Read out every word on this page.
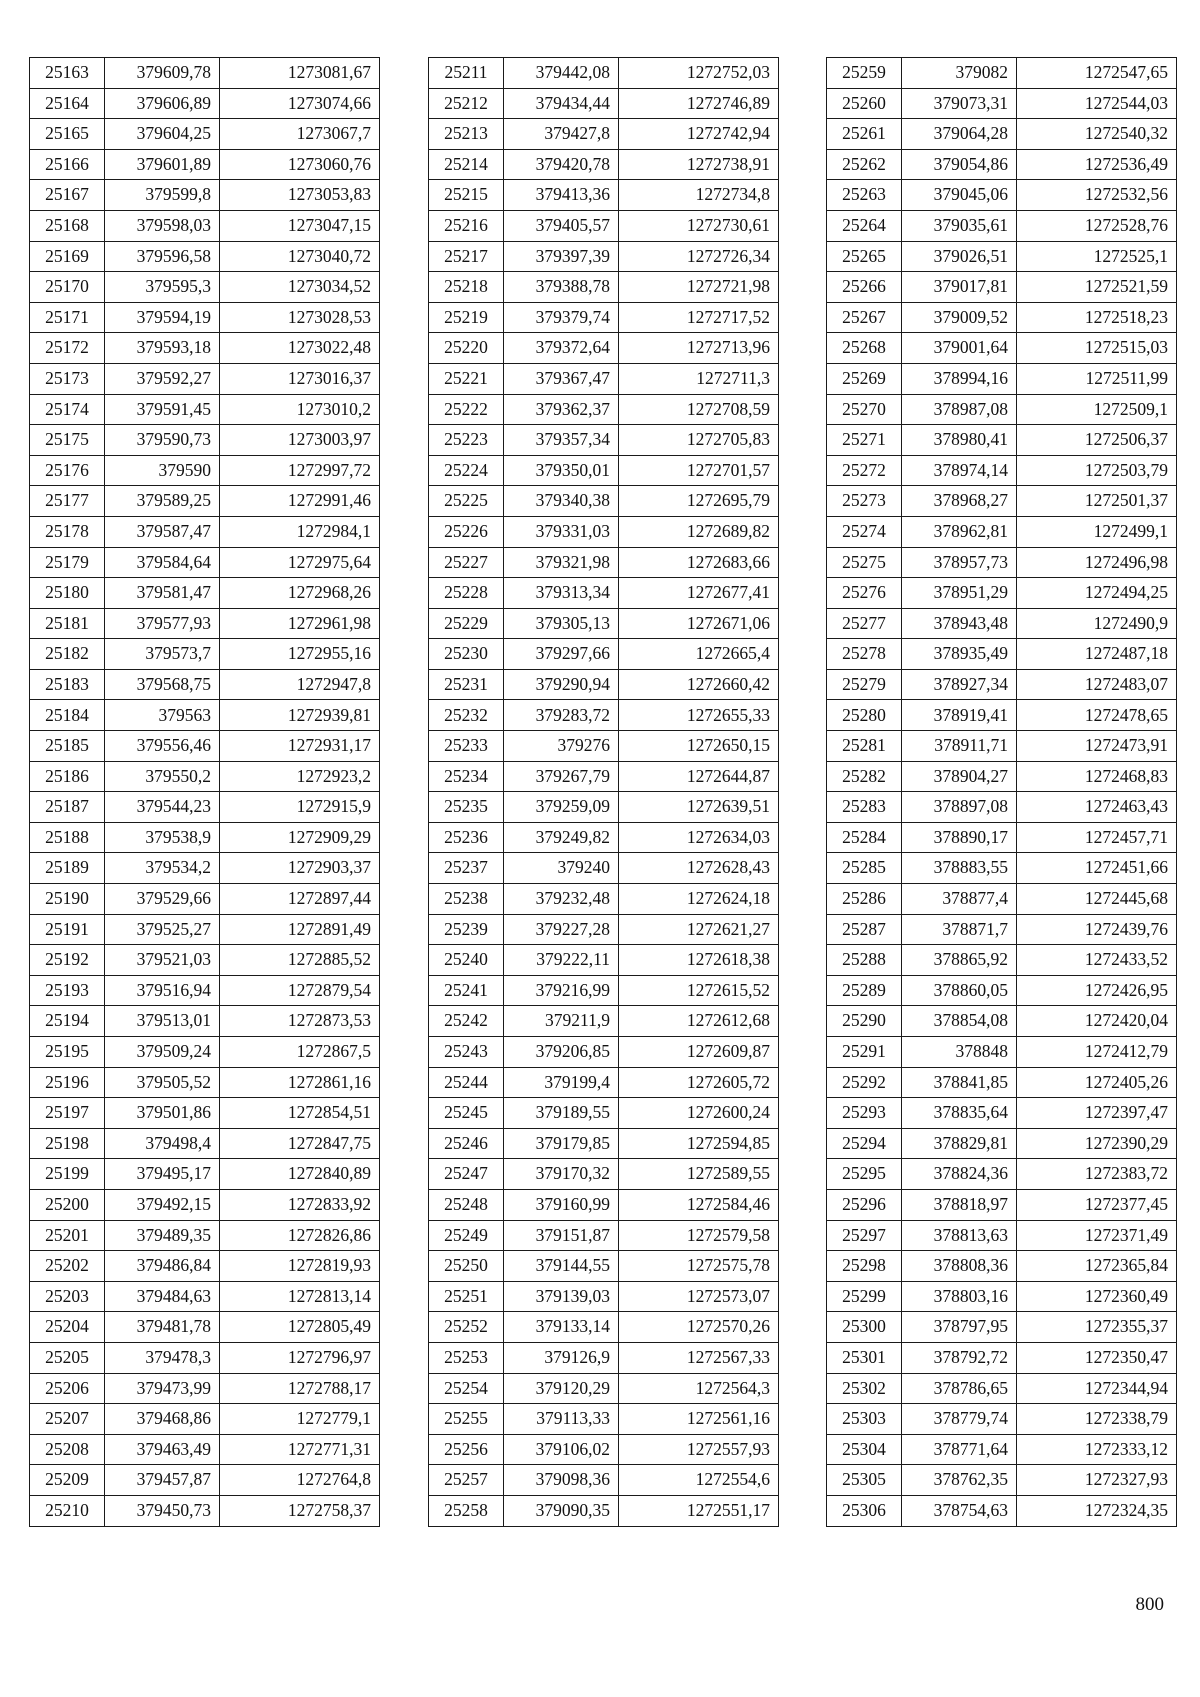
25163	379609,78	1273081,67
25164	379606,89	1273074,66
25165	379604,25	1273067,7
25166	379601,89	1273060,76
25167	379599,8	1273053,83
25168	379598,03	1273047,15
25169	379596,58	1273040,72
25170	379595,3	1273034,52
25171	379594,19	1273028,53
25172	379593,18	1273022,48
25173	379592,27	1273016,37
25174	379591,45	1273010,2
25175	379590,73	1273003,97
25176	379590	1272997,72
25177	379589,25	1272991,46
25178	379587,47	1272984,1
25179	379584,64	1272975,64
25180	379581,47	1272968,26
25181	379577,93	1272961,98
25182	379573,7	1272955,16
25183	379568,75	1272947,8
25184	379563	1272939,81
25185	379556,46	1272931,17
25186	379550,2	1272923,2
25187	379544,23	1272915,9
25188	379538,9	1272909,29
25189	379534,2	1272903,37
25190	379529,66	1272897,44
25191	379525,27	1272891,49
25192	379521,03	1272885,52
25193	379516,94	1272879,54
25194	379513,01	1272873,53
25195	379509,24	1272867,5
25196	379505,52	1272861,16
25197	379501,86	1272854,51
25198	379498,4	1272847,75
25199	379495,17	1272840,89
25200	379492,15	1272833,92
25201	379489,35	1272826,86
25202	379486,84	1272819,93
25203	379484,63	1272813,14
25204	379481,78	1272805,49
25205	379478,3	1272796,97
25206	379473,99	1272788,17
25207	379468,86	1272779,1
25208	379463,49	1272771,31
25209	379457,87	1272764,8
25210	379450,73	1272758,37
25211	379442,08	1272752,03
25212	379434,44	1272746,89
25213	379427,8	1272742,94
25214	379420,78	1272738,91
25215	379413,36	1272734,8
25216	379405,57	1272730,61
25217	379397,39	1272726,34
25218	379388,78	1272721,98
25219	379379,74	1272717,52
25220	379372,64	1272713,96
25221	379367,47	1272711,3
25222	379362,37	1272708,59
25223	379357,34	1272705,83
25224	379350,01	1272701,57
25225	379340,38	1272695,79
25226	379331,03	1272689,82
25227	379321,98	1272683,66
25228	379313,34	1272677,41
25229	379305,13	1272671,06
25230	379297,66	1272665,4
25231	379290,94	1272660,42
25232	379283,72	1272655,33
25233	379276	1272650,15
25234	379267,79	1272644,87
25235	379259,09	1272639,51
25236	379249,82	1272634,03
25237	379240	1272628,43
25238	379232,48	1272624,18
25239	379227,28	1272621,27
25240	379222,11	1272618,38
25241	379216,99	1272615,52
25242	379211,9	1272612,68
25243	379206,85	1272609,87
25244	379199,4	1272605,72
25245	379189,55	1272600,24
25246	379179,85	1272594,85
25247	379170,32	1272589,55
25248	379160,99	1272584,46
25249	379151,87	1272579,58
25250	379144,55	1272575,78
25251	379139,03	1272573,07
25252	379133,14	1272570,26
25253	379126,9	1272567,33
25254	379120,29	1272564,3
25255	379113,33	1272561,16
25256	379106,02	1272557,93
25257	379098,36	1272554,6
25258	379090,35	1272551,17
25259	379082	1272547,65
25260	379073,31	1272544,03
25261	379064,28	1272540,32
25262	379054,86	1272536,49
25263	379045,06	1272532,56
25264	379035,61	1272528,76
25265	379026,51	1272525,1
25266	379017,81	1272521,59
25267	379009,52	1272518,23
25268	379001,64	1272515,03
25269	378994,16	1272511,99
25270	378987,08	1272509,1
25271	378980,41	1272506,37
25272	378974,14	1272503,79
25273	378968,27	1272501,37
25274	378962,81	1272499,1
25275	378957,73	1272496,98
25276	378951,29	1272494,25
25277	378943,48	1272490,9
25278	378935,49	1272487,18
25279	378927,34	1272483,07
25280	378919,41	1272478,65
25281	378911,71	1272473,91
25282	378904,27	1272468,83
25283	378897,08	1272463,43
25284	378890,17	1272457,71
25285	378883,55	1272451,66
25286	378877,4	1272445,68
25287	378871,7	1272439,76
25288	378865,92	1272433,52
25289	378860,05	1272426,95
25290	378854,08	1272420,04
25291	378848	1272412,79
25292	378841,85	1272405,26
25293	378835,64	1272397,47
25294	378829,81	1272390,29
25295	378824,36	1272383,72
25296	378818,97	1272377,45
25297	378813,63	1272371,49
25298	378808,36	1272365,84
25299	378803,16	1272360,49
25300	378797,95	1272355,37
25301	378792,72	1272350,47
25302	378786,65	1272344,94
25303	378779,74	1272338,79
25304	378771,64	1272333,12
25305	378762,35	1272327,93
25306	378754,63	1272324,35
800
